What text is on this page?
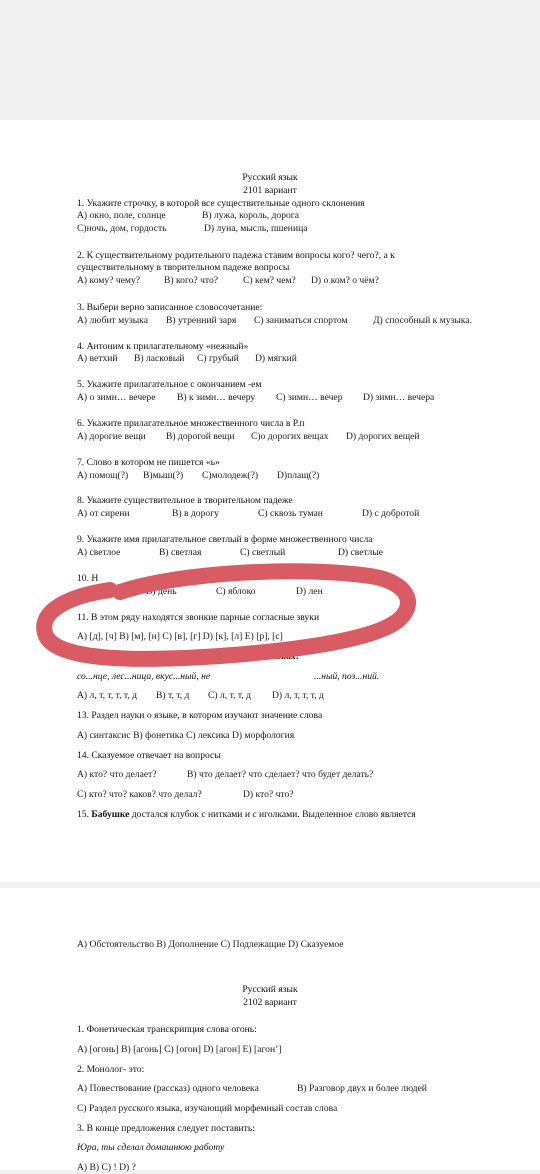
Русский язык
2101 вариант
1. Укажите строчку, в которой все существительные одного склонения
А) окно, поле, солнце	В) лужа, король, дорога
С)ночь, дом, гордость	D) луна, мысль, пшеница
2. К существительному родительного падежа ставим вопросы кого? чего?, а к
существительному в творительном падеже вопросы
А) кому? чему? В) кого? что?	С) кем? чем? D) о ком? о чём?
3. Выбери верно записанное словосочетание:
А) любит музыка В) утренний заря С) заниматься спортом	Д) способный к музыка.
4. Антоним к прилагательному «нежный»
А) ветхий В) ласковый С) грубый D) мягкий
5. Укажите прилагательное с окончанием -ем
А) о зимн… вечере В) к зимн… вечеру С) зимн… вечер D) зимн… вечера
6. Укажите прилагательное множественного числа в Р.п
А) дорогие вещи В) дорогой вещи С)о дорогих вещах D) дорогих вещей
7. Слово в котором не пишется «ь»
А) помощ(?) В)мыш(?) С)молодеж(?) D)плащ(?)
8. Укажите существительное в творительном падеже
А) от сирени	В) в дорогу	С) сквозь туман	D) с добротой
9. Укажите имя прилагательное светлый в форме множественного числа
А) светлое	В) светлая	С) светлый	D) светлые
10. Н
имя	В) день	С) яблоко	D) лен
11. В этом ряду находятся звонкие парные согласные звуки
А) [д], [ч] В) [м], [н] С) [в], [г] D) [к], [л] Е) [р], [с]
буква в словах:
со...нце, лес...ница, вкус...ный, не	...ный, поз...ний.
А) л, т, т, т, т, д В) т, т, д С) л, т, т, д D) л, т, т, т, д
13. Раздел науки о языке, в котором изучают значение слова
А) синтаксис В) фонетика С) лексика D) морфология
14. Сказуемое отвечает на вопросы
А) кто? что делает?	В) что делает? что сделает? что будет делать?
С) кто? что? каков? что делал?	D) кто? что?
15. Бабушке достался клубок с нитками и с иголками. Выделенное слово является
А) Обстоятельство В) Дополнение С) Подлежащие D) Сказуемое
Русский язык
2102 вариант
1. Фонетическая транскрипция слова огонь:
А) [огонь] В) [агонь] С) [огон] D) [агон] Е) [агонʼ]
2. Монолог- это:
А) Повествование (рассказ) одного человека	В) Разговор двух и более людей
С) Раздел русского языка, изучающий морфемный состав слова
3. В конце предложения следует поставить:
Юра, ты сделал домашнюю работу
А) В) С) ! D) ?
